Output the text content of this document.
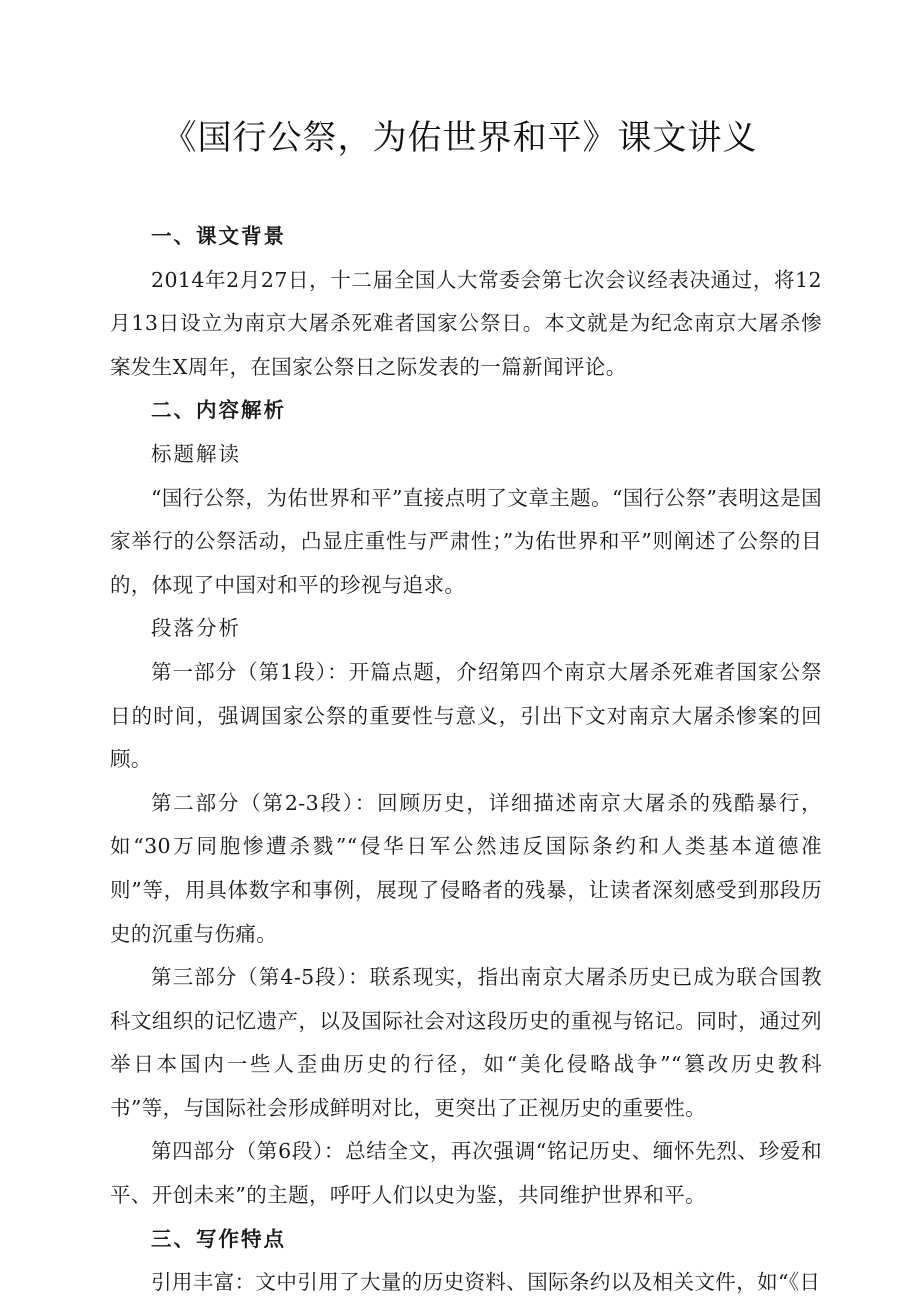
《国行公祭，为佑世界和平》课文讲义

一、课文背景

2014年2月27日，十二届全国人大常委会第七次会议经表决通过，将12月13日设立为南京大屠杀死难者国家公祭日。本文就是为纪念南京大屠杀惨案发生X周年，在国家公祭日之际发表的一篇新闻评论。

二、内容解析

标题解读

“国行公祭，为佑世界和平”直接点明了文章主题。“国行公祭”表明这是国家举行的公祭活动，凸显庄重性与严肃性；”为佑世界和平”则阐述了公祭的目的，体现了中国对和平的珍视与追求。

段落分析

第一部分（第1段）：开篇点题，介绍第四个南京大屠杀死难者国家公祭日的时间，强调国家公祭的重要性与意义，引出下文对南京大屠杀惨案的回顾。

第二部分（第2-3段）：回顾历史，详细描述南京大屠杀的残酷暴行，如“30万同胞惨遭杀戮”“侵华日军公然违反国际条约和人类基本道德准则”等，用具体数字和事例，展现了侵略者的残暴，让读者深刻感受到那段历史的沉重与伤痛。

第三部分（第4-5段）：联系现实，指出南京大屠杀历史已成为联合国教科文组织的记忆遗产，以及国际社会对这段历史的重视与铭记。同时，通过列举日本国内一些人歪曲历史的行径，如“美化侵略战争”“篡改历史教科书”等，与国际社会形成鲜明对比，更突出了正视历史的重要性。

第四部分（第6段）：总结全文，再次强调“铭记历史、缅怀先烈、珍爱和平、开创未来”的主题，呼吁人们以史为鉴，共同维护世界和平。

三、写作特点

引用丰富：文中引用了大量的历史资料、国际条约以及相关文件，如“《日
